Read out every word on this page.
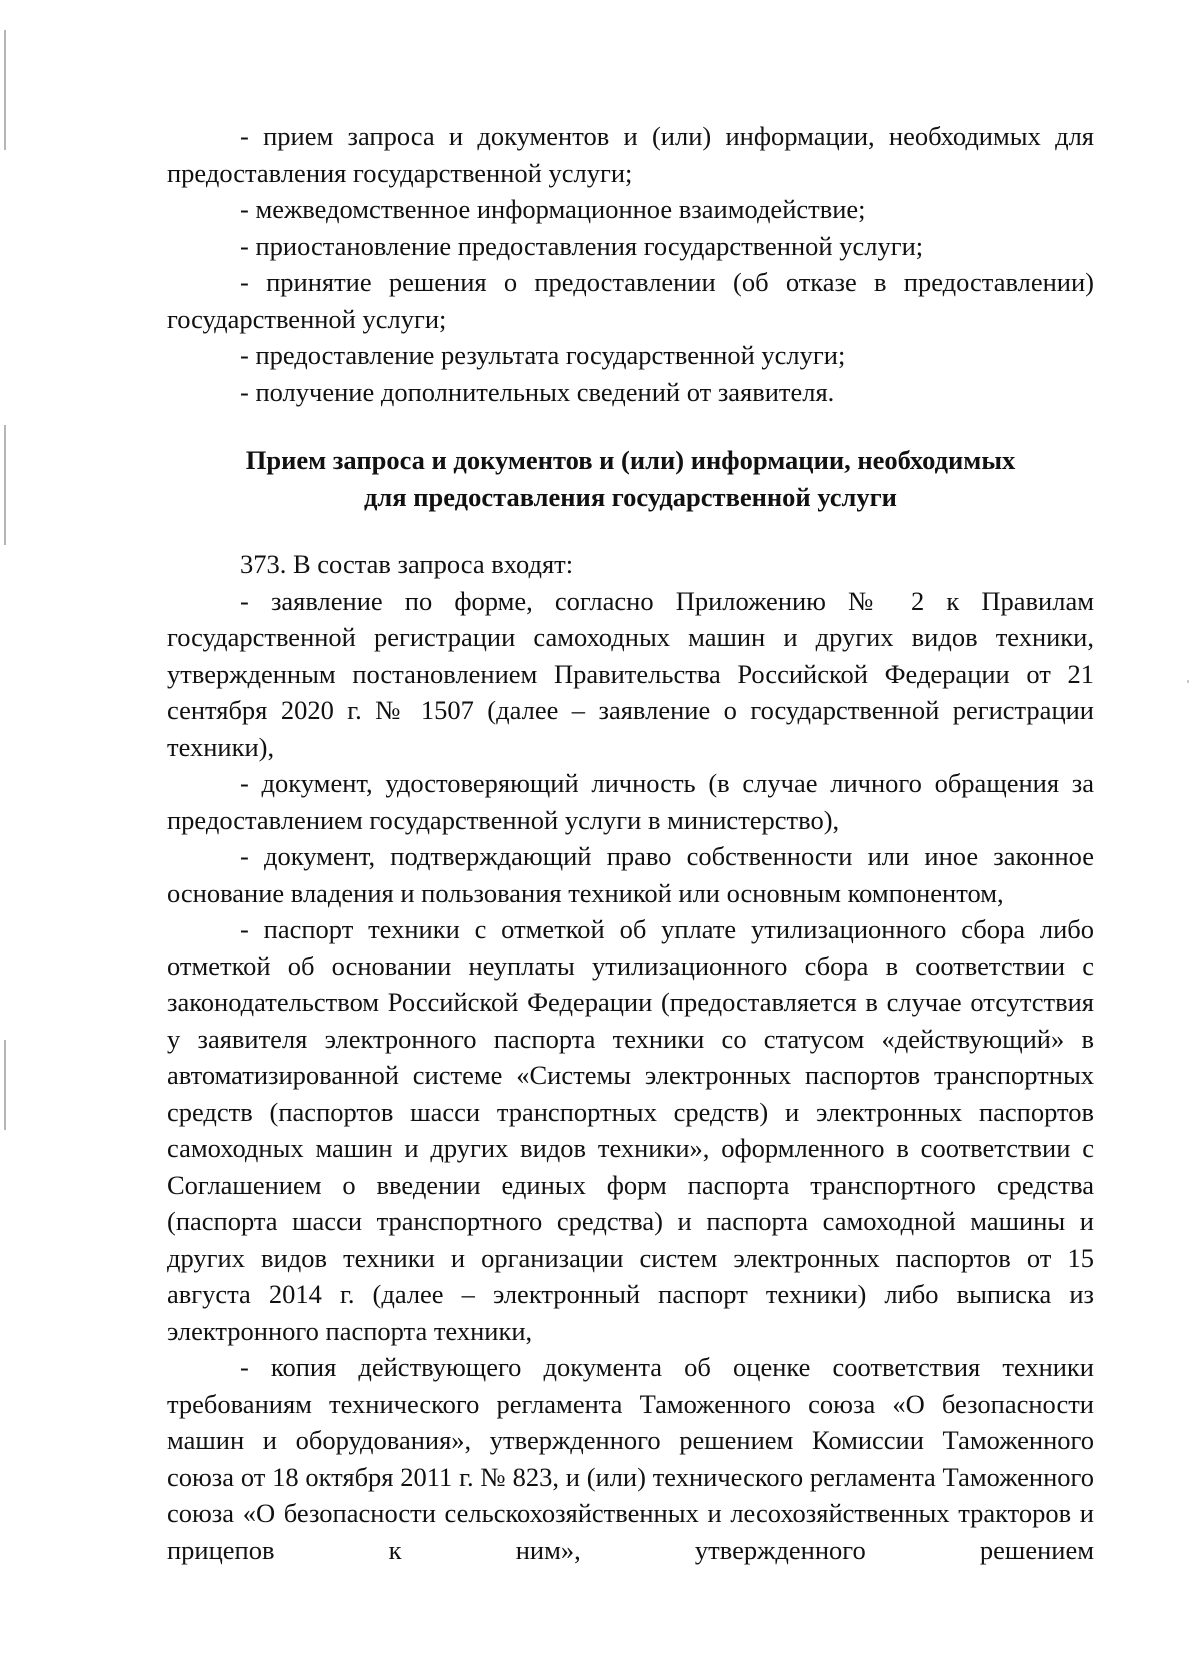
- прием запроса и документов и (или) информации, необходимых для предоставления государственной услуги;

- межведомственное информационное взаимодействие;

- приостановление предоставления государственной услуги;

- принятие решения о предоставлении (об отказе в предоставлении) государственной услуги;

- предоставление результата государственной услуги;

- получение дополнительных сведений от заявителя.

Прием запроса и документов и (или) информации, необходимых
для предоставления государственной услуги

373. В состав запроса входят:

- заявление по форме, согласно Приложению № 2 к Правилам государственной регистрации самоходных машин и других видов техники, утвержденным постановлением Правительства Российской Федерации от 21 сентября 2020 г. № 1507 (далее – заявление о государственной регистрации техники),

- документ, удостоверяющий личность (в случае личного обращения за предоставлением государственной услуги в министерство),

- документ, подтверждающий право собственности или иное законное основание владения и пользования техникой или основным компонентом,

- паспорт техники с отметкой об уплате утилизационного сбора либо отметкой об основании неуплаты утилизационного сбора в соответствии с законодательством Российской Федерации (предоставляется в случае отсутствия у заявителя электронного паспорта техники со статусом «действующий» в автоматизированной системе «Системы электронных паспортов транспортных средств (паспортов шасси транспортных средств) и электронных паспортов самоходных машин и других видов техники», оформленного в соответствии с Соглашением о введении единых форм паспорта транспортного средства (паспорта шасси транспортного средства) и паспорта самоходной машины и других видов техники и организации систем электронных паспортов от 15 августа 2014 г. (далее – электронный паспорт техники) либо выписка из электронного паспорта техники,

- копия действующего документа об оценке соответствия техники требованиям технического регламента Таможенного союза «О безопасности машин и оборудования», утвержденного решением Комиссии Таможенного союза от 18 октября 2011 г. № 823, и (или) технического регламента Таможенного союза «О безопасности сельскохозяйственных и лесохозяйственных тракторов и прицепов к ним», утвержденного решением
